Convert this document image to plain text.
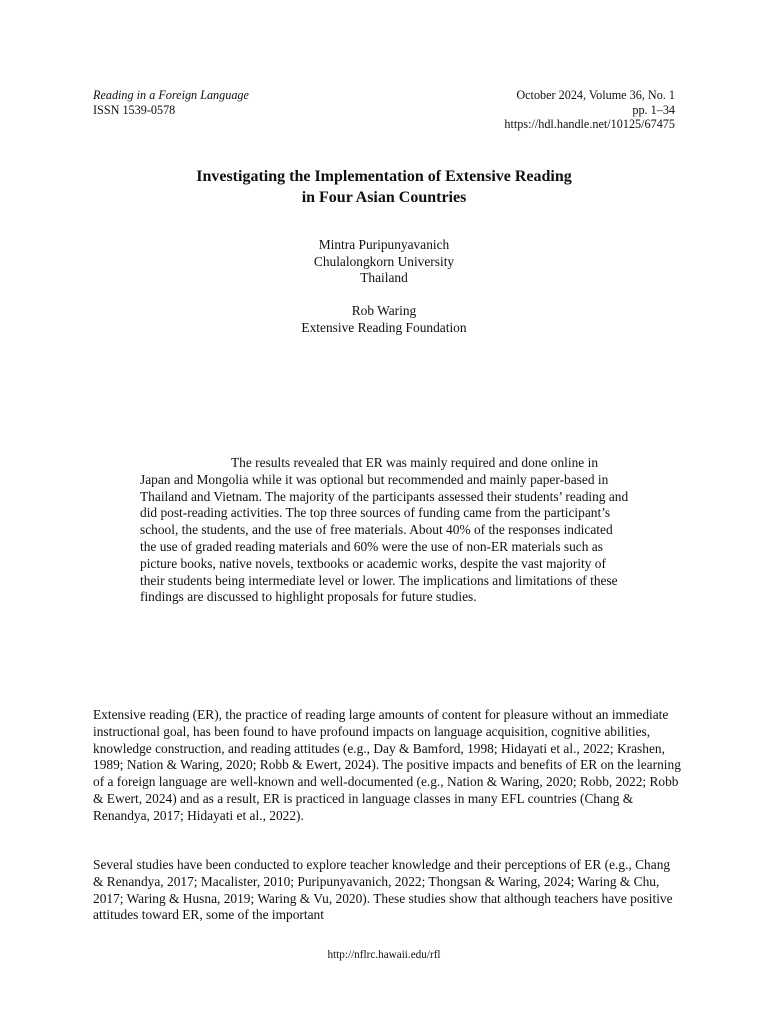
Reading in a Foreign Language
ISSN 1539-0578
October 2024, Volume 36, No. 1
pp. 1–34
https://hdl.handle.net/10125/67475
Investigating the Implementation of Extensive Reading
in Four Asian Countries
Mintra Puripunyavanich
Chulalongkorn University
Thailand
Rob Waring
Extensive Reading Foundation

The results revealed that ER was mainly required and done online in Japan and Mongolia while it was optional but recommended and mainly paper-based in Thailand and Vietnam. The majority of the participants assessed their students’ reading and did post-reading activities. The top three sources of funding came from the participant’s school, the students, and the use of free materials. About 40% of the responses indicated the use of graded reading materials and 60% were the use of non-ER materials such as picture books, native novels, textbooks or academic works, despite the vast majority of their students being intermediate level or lower. The implications and limitations of these findings are discussed to highlight proposals for future studies.

Extensive reading (ER), the practice of reading large amounts of content for pleasure without an immediate instructional goal, has been found to have profound impacts on language acquisition, cognitive abilities, knowledge construction, and reading attitudes (e.g., Day & Bamford, 1998; Hidayati et al., 2022; Krashen, 1989; Nation & Waring, 2020; Robb & Ewert, 2024). The positive impacts and benefits of ER on the learning of a foreign language are well-known and well-documented (e.g., Nation & Waring, 2020; Robb, 2022; Robb & Ewert, 2024) and as a result, ER is practiced in language classes in many EFL countries (Chang & Renandya, 2017; Hidayati et al., 2022).

Several studies have been conducted to explore teacher knowledge and their perceptions of ER (e.g., Chang & Renandya, 2017; Macalister, 2010; Puripunyavanich, 2022; Thongsan & Waring, 2024; Waring & Chu, 2017; Waring & Husna, 2019; Waring & Vu, 2020). These studies show that although teachers have positive attitudes toward ER, some of the important

http://nflrc.hawaii.edu/rfl
